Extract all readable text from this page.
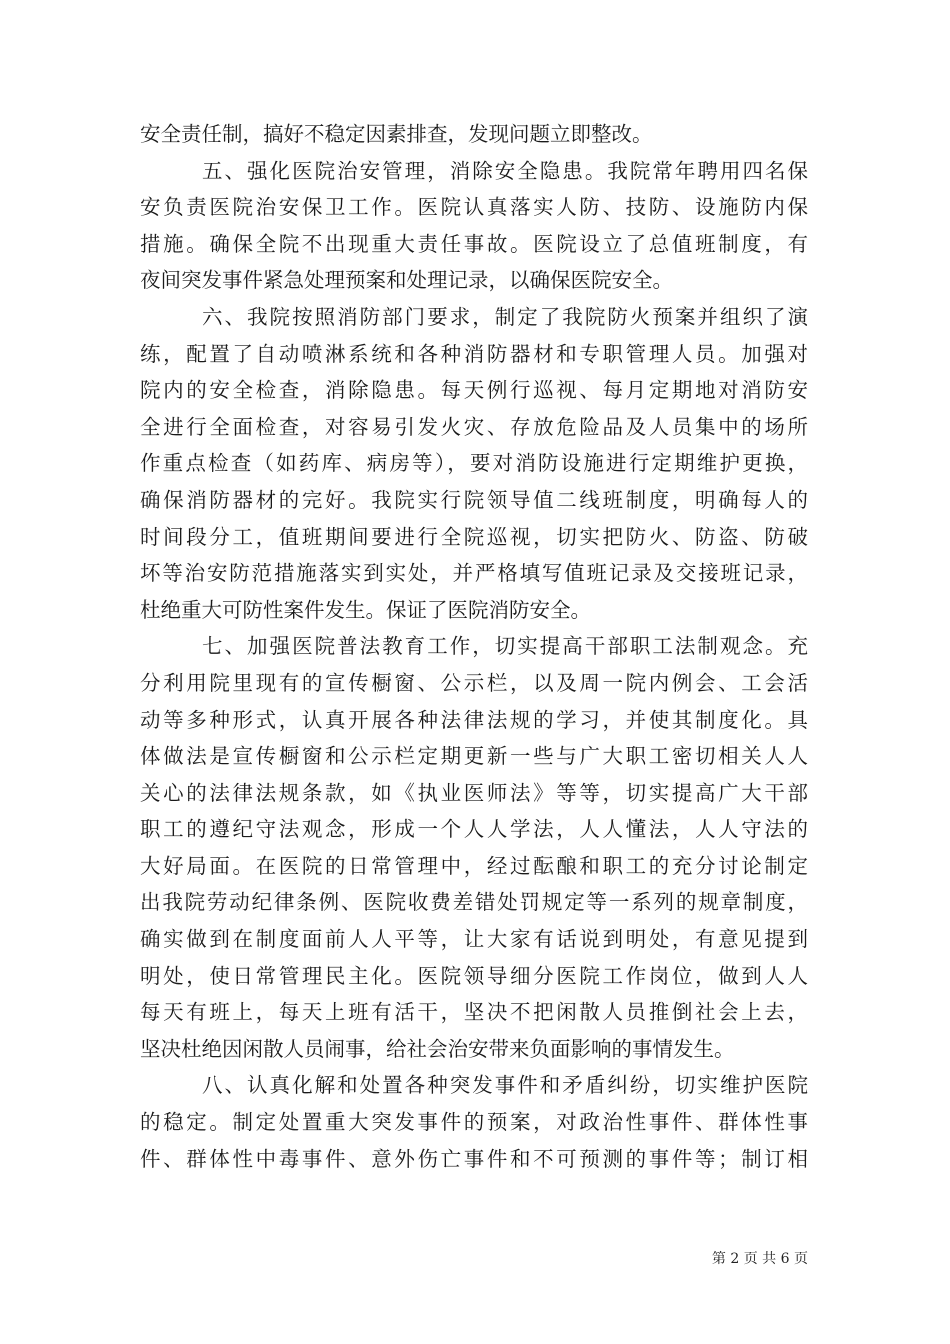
安全责任制，搞好不稳定因素排查，发现问题立即整改。
五、强化医院治安管理，消除安全隐患。我院常年聘用四名保
安负责医院治安保卫工作。医院认真落实人防、技防、设施防内保
措施。确保全院不出现重大责任事故。医院设立了总值班制度，有
夜间突发事件紧急处理预案和处理记录，以确保医院安全。
六、我院按照消防部门要求，制定了我院防火预案并组织了演
练，配置了自动喷淋系统和各种消防器材和专职管理人员。加强对
院内的安全检查，消除隐患。每天例行巡视、每月定期地对消防安
全进行全面检查，对容易引发火灾、存放危险品及人员集中的场所
作重点检查（如药库、病房等），要对消防设施进行定期维护更换，
确保消防器材的完好。我院实行院领导值二线班制度，明确每人的
时间段分工，值班期间要进行全院巡视，切实把防火、防盗、防破
坏等治安防范措施落实到实处，并严格填写值班记录及交接班记录，
杜绝重大可防性案件发生。保证了医院消防安全。
七、加强医院普法教育工作，切实提高干部职工法制观念。充
分利用院里现有的宣传橱窗、公示栏，以及周一院内例会、工会活
动等多种形式，认真开展各种法律法规的学习，并使其制度化。具
体做法是宣传橱窗和公示栏定期更新一些与广大职工密切相关人人
关心的法律法规条款，如《执业医师法》等等，切实提高广大干部
职工的遵纪守法观念，形成一个人人学法，人人懂法，人人守法的
大好局面。在医院的日常管理中，经过酝酿和职工的充分讨论制定
出我院劳动纪律条例、医院收费差错处罚规定等一系列的规章制度，
确实做到在制度面前人人平等，让大家有话说到明处，有意见提到
明处，使日常管理民主化。医院领导细分医院工作岗位，做到人人
每天有班上，每天上班有活干，坚决不把闲散人员推倒社会上去，
坚决杜绝因闲散人员闹事，给社会治安带来负面影响的事情发生。
八、认真化解和处置各种突发事件和矛盾纠纷，切实维护医院
的稳定。制定处置重大突发事件的预案，对政治性事件、群体性事
件、群体性中毒事件、意外伤亡事件和不可预测的事件等；制订相
第 2 页 共 6 页
